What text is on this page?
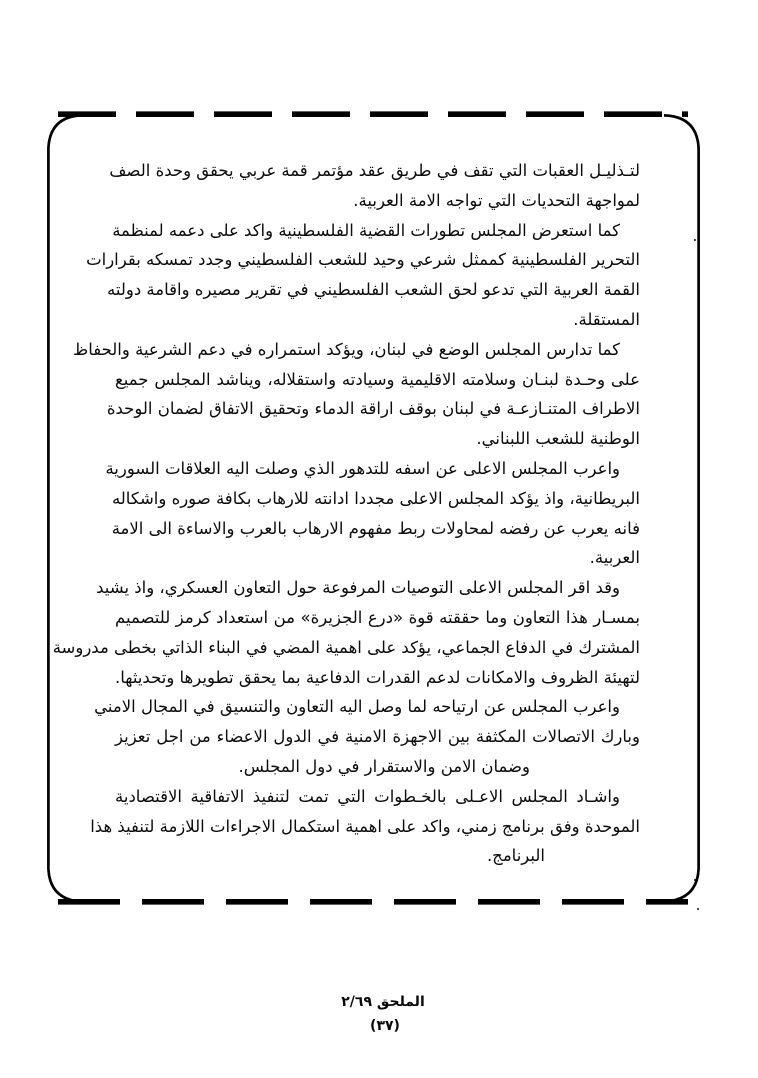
لتـذليـل العقبات التي تقف في طريق عقد مؤتمر قمة عربي يحقق وحدة الصف
لمواجهة التحديات التي تواجه الامة العربية.
كما استعرض المجلس تطورات القضية الفلسطينية واكد على دعمه لمنظمة
التحرير الفلسطينية كممثل شرعي وحيد للشعب الفلسطيني وجدد تمسكه بقرارات
القمة العربية التي تدعو لحق الشعب الفلسطيني في تقرير مصيره واقامة دولته
المستقلة.
كما تدارس المجلس الوضع في لبنان، ويؤكد استمراره في دعم الشرعية والحفاظ
على وحـدة لبنـان وسلامته الاقليمية وسيادته واستقلاله، ويناشد المجلس جميع
الاطراف المتنـازعـة في لبنان بوقف اراقة الدماء وتحقيق الاتفاق لضمان الوحدة
الوطنية للشعب اللبناني.
واعرب المجلس الاعلى عن اسفه للتدهور الذي وصلت اليه العلاقات السورية
البريطانية، واذ يؤكد المجلس الاعلى مجددا ادانته للارهاب بكافة صوره واشكاله
فانه يعرب عن رفضه لمحاولات ربط مفهوم الارهاب بالعرب والاساءة الى الامة
العربية.
وقد اقر المجلس الاعلى التوصيات المرفوعة حول التعاون العسكري، واذ يشيد
بمسـار هذا التعاون وما حققته قوة «درع الجزيرة» من استعداد كرمز للتصميم
المشترك في الدفاع الجماعي، يؤكد على اهمية المضي في البناء الذاتي بخطى مدروسة
لتهيئة الظروف والامكانات لدعم القدرات الدفاعية بما يحقق تطويرها وتحديثها.
واعرب المجلس عن ارتياحه لما وصل اليه التعاون والتنسيق في المجال الامني
وبارك الاتصالات المكثفة بين الاجهزة الامنية في الدول الاعضاء من اجل تعزيز
وضمان الامن والاستقرار في دول المجلس.
واشـاد المجلس الاعـلى بالخـطوات التي تمت لتنفيذ الاتفاقية الاقتصادية
الموحدة وفق برنامج زمني، واكد على اهمية استكمال الاجراءات اللازمة لتنفيذ هذا
البرنامج.
الملحق ٢/٦٩
(٣٧)
